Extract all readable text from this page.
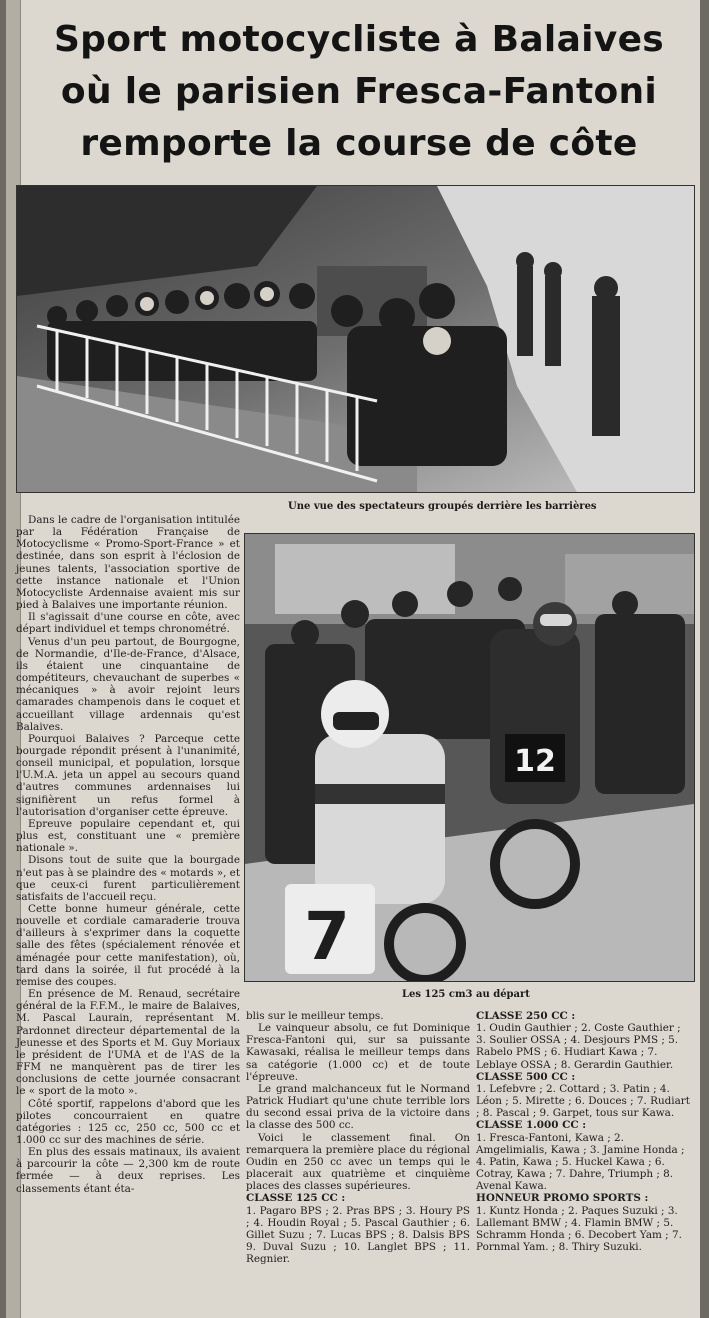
Sport motocycliste à Balaives
où le parisien Fresca-Fantoni
remporte la course de côte
Une vue des spectateurs groupés derrière les barrières
12
7
Les 125 cm3 au départ

Dans le cadre de l'organisation intitulée par la Fédération Française de Motocyclisme « Promo-Sport-France » et destinée, dans son esprit à l'éclosion de jeunes talents, l'association sportive de cette instance nationale et l'Union Motocycliste Ardennaise avaient mis sur pied à Balaives une importante réunion.

Il s'agissait d'une course en côte, avec départ individuel et temps chronométré.

Venus d'un peu partout, de Bourgogne, de Normandie, d'Ile-de-France, d'Alsace, ils étaient une cinquantaine de compétiteurs, chevauchant de superbes « mécaniques » à avoir rejoint leurs camarades champenois dans le coquet et accueillant village ardennais qu'est Balaives.

Pourquoi Balaives ? Parceque cette bourgade répondit présent à l'unanimité, conseil municipal, et population, lorsque l'U.M.A. jeta un appel au secours quand d'autres communes ardennaises lui signifièrent un refus formel à l'autorisation d'organiser cette épreuve.

Epreuve populaire cependant et, qui plus est, constituant une « première nationale ».

Disons tout de suite que la bourgade n'eut pas à se plaindre des « motards », et que ceux-ci furent particulièrement satisfaits de l'accueil reçu.

Cette bonne humeur générale, cette nouvelle et cordiale camaraderie trouva d'ailleurs à s'exprimer dans la coquette salle des fêtes (spécialement rénovée et aménagée pour cette manifestation), où, tard dans la soirée, il fut procédé à la remise des coupes.

En présence de M. Renaud, secrétaire général de la F.F.M., le maire de Balaives, M. Pascal Laurain, représentant M. Pardonnet directeur départemental de la Jeunesse et des Sports et M. Guy Moriaux le président de l'UMA et de l'AS de la FFM ne manquèrent pas de tirer les conclusions de cette journée consacrant le « sport de la moto ».

Côté sportif, rappelons d'abord que les pilotes concourraient en quatre catégories : 125 cc, 250 cc, 500 cc et 1.000 cc sur des machines de série.

En plus des essais matinaux, ils avaient à parcourir la côte — 2,300 km de route fermée — à deux reprises. Les classements étant éta-

blis sur le meilleur temps.

Le vainqueur absolu, ce fut Dominique Fresca-Fantoni qui, sur sa puissante Kawasaki, réalisa le meilleur temps dans sa catégorie (1.000 cc) et de toute l'épreuve.

Le grand malchanceux fut le Normand Patrick Hudiart qu'une chute terrible lors du second essai priva de la victoire dans la classe des 500 cc.

Voici le classement final. On remarquera la première place du régional Oudin en 250 cc avec un temps qui le placerait aux quatrième et cinquième places des classes supérieures.

CLASSE 125 CC :

1. Pagaro BPS ; 2. Pras BPS ; 3. Houry PS ; 4. Houdin Royal ; 5. Pascal Gauthier ; 6. Gillet Suzu ; 7. Lucas BPS ; 8. Dalsis BPS 9. Duval Suzu ; 10. Langlet BPS ; 11. Regnier.

CLASSE 250 CC :

1. Oudin Gauthier ; 2. Coste Gauthier ; 3. Soulier OSSA ; 4. Desjours PMS ; 5. Rabelo PMS ; 6. Hudiart Kawa ; 7. Leblaye OSSA ; 8. Gerardin Gauthier.

CLASSE 500 CC :

1. Lefebvre ; 2. Cottard ; 3. Patin ; 4. Léon ; 5. Mirette ; 6. Douces ; 7. Rudiart ; 8. Pascal ; 9. Garpet, tous sur Kawa.

CLASSE 1.000 CC :

1. Fresca-Fantoni, Kawa ; 2. Amgelimialis, Kawa ; 3. Jamine Honda ; 4. Patin, Kawa ; 5. Huckel Kawa ; 6. Cotray, Kawa ; 7. Dahre, Triumph ; 8. Avenal Kawa.

HONNEUR PROMO SPORTS :

1. Kuntz Honda ; 2. Paques Suzuki ; 3. Lallemant BMW ; 4. Flamin BMW ; 5. Schramm Honda ; 6. Decobert Yam ; 7. Pornmal Yam. ; 8. Thiry Suzuki.
